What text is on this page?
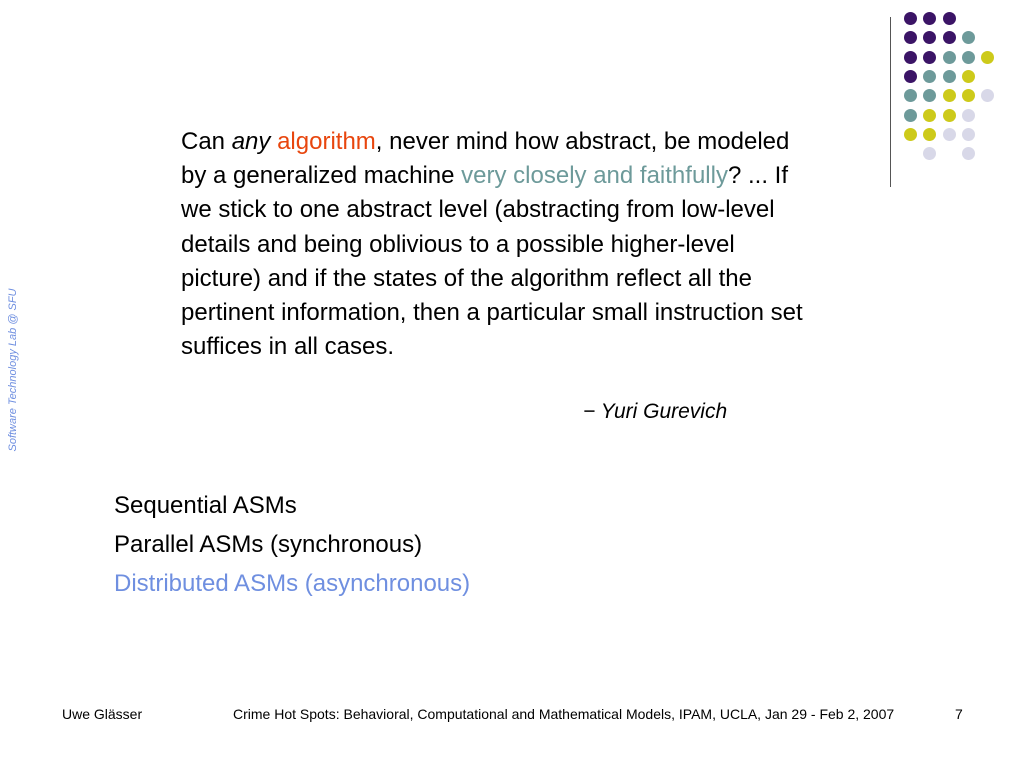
Software Technology Lab @ SFU
Can any algorithm, never mind how abstract, be modeled by a generalized machine very closely and faithfully? ... If we stick to one abstract level (abstracting from low-level details and being oblivious to a possible higher-level picture) and if the states of the algorithm reflect all the pertinent information, then a particular small instruction set suffices in all cases.
− Yuri Gurevich
Sequential ASMs
Parallel ASMs (synchronous)
Distributed ASMs (asynchronous)
Uwe Glässer	Crime Hot Spots: Behavioral, Computational and Mathematical Models, IPAM, UCLA, Jan 29 - Feb 2, 2007	7
